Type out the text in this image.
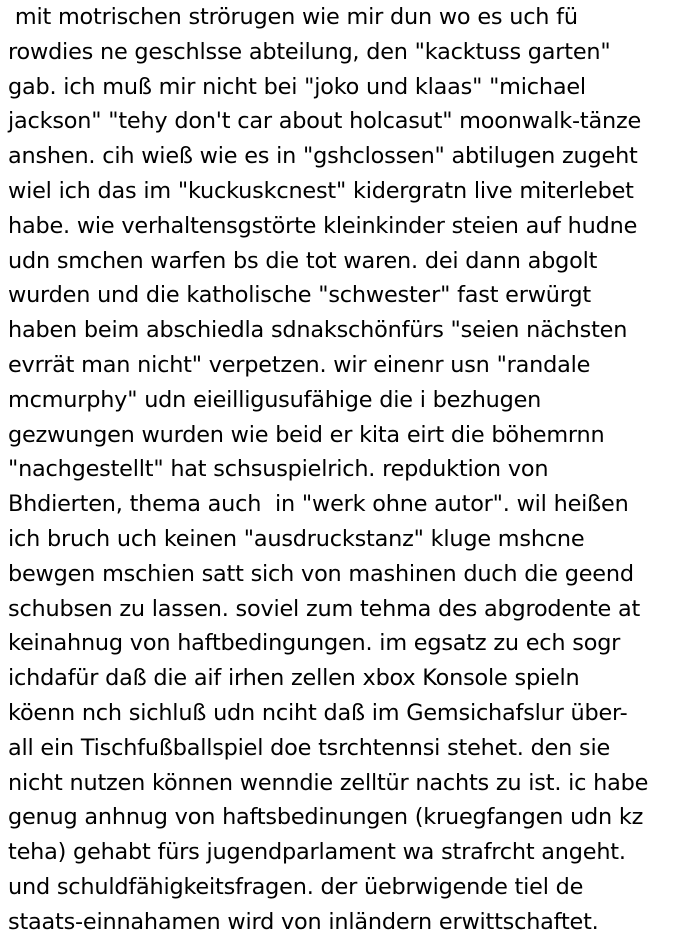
mit motrischen strörugen wie mir dun wo es uch fü
rowdies ne geschlsse abteilung, den "kacktuss garten"
gab. ich muß mir nicht bei "joko und klaas" "michael
jackson" "tehy don't car about holcasut" moonwalk-tänze
anshen. cih wieß wie es in "gshclossen" abtilugen zugeht
wiel ich das im "kuckuskcnest" kidergratn live miterlebet
habe. wie verhaltensgstörte kleinkinder steien auf hudne
udn smchen warfen bs die tot waren. dei dann abgolt
wurden und die katholische "schwester" fast erwürgt
haben beim abschiedla sdnakschönfürs "seien nächsten
evrrät man nicht" verpetzen. wir einenr usn "randale
mcmurphy" udn eieilligusufähige die i bezhugen
gezwungen wurden wie beid er kita eirt die böhemrnn
"nachgestellt" hat schsuspielrich. repduktion von
Bhdierten, thema auch  in "werk ohne autor". wil heißen
ich bruch uch keinen "ausdruckstanz" kluge mshcne
bewgen mschien satt sich von mashinen duch die geend
schubsen zu lassen. soviel zum tehma des abgrodente at
keinahnug von haftbedingungen. im egsatz zu ech sogr
ichdafür daß die aif irhen zellen xbox Konsole spieln
köenn nch sichluß udn nciht daß im Gemsichafslur über-
all ein Tischfußballspiel doe tsrchtennsi stehet. den sie
nicht nutzen können wenndie zelltür nachts zu ist. ic habe
genug anhnug von haftsbedinungen (kruegfangen udn kz
teha) gehabt fürs jugendparlament wa strafrcht angeht.
und schuldfähigkeitsfragen. der üebrwigende tiel de
staats-einnahamen wird von inländern erwittschaftet.
